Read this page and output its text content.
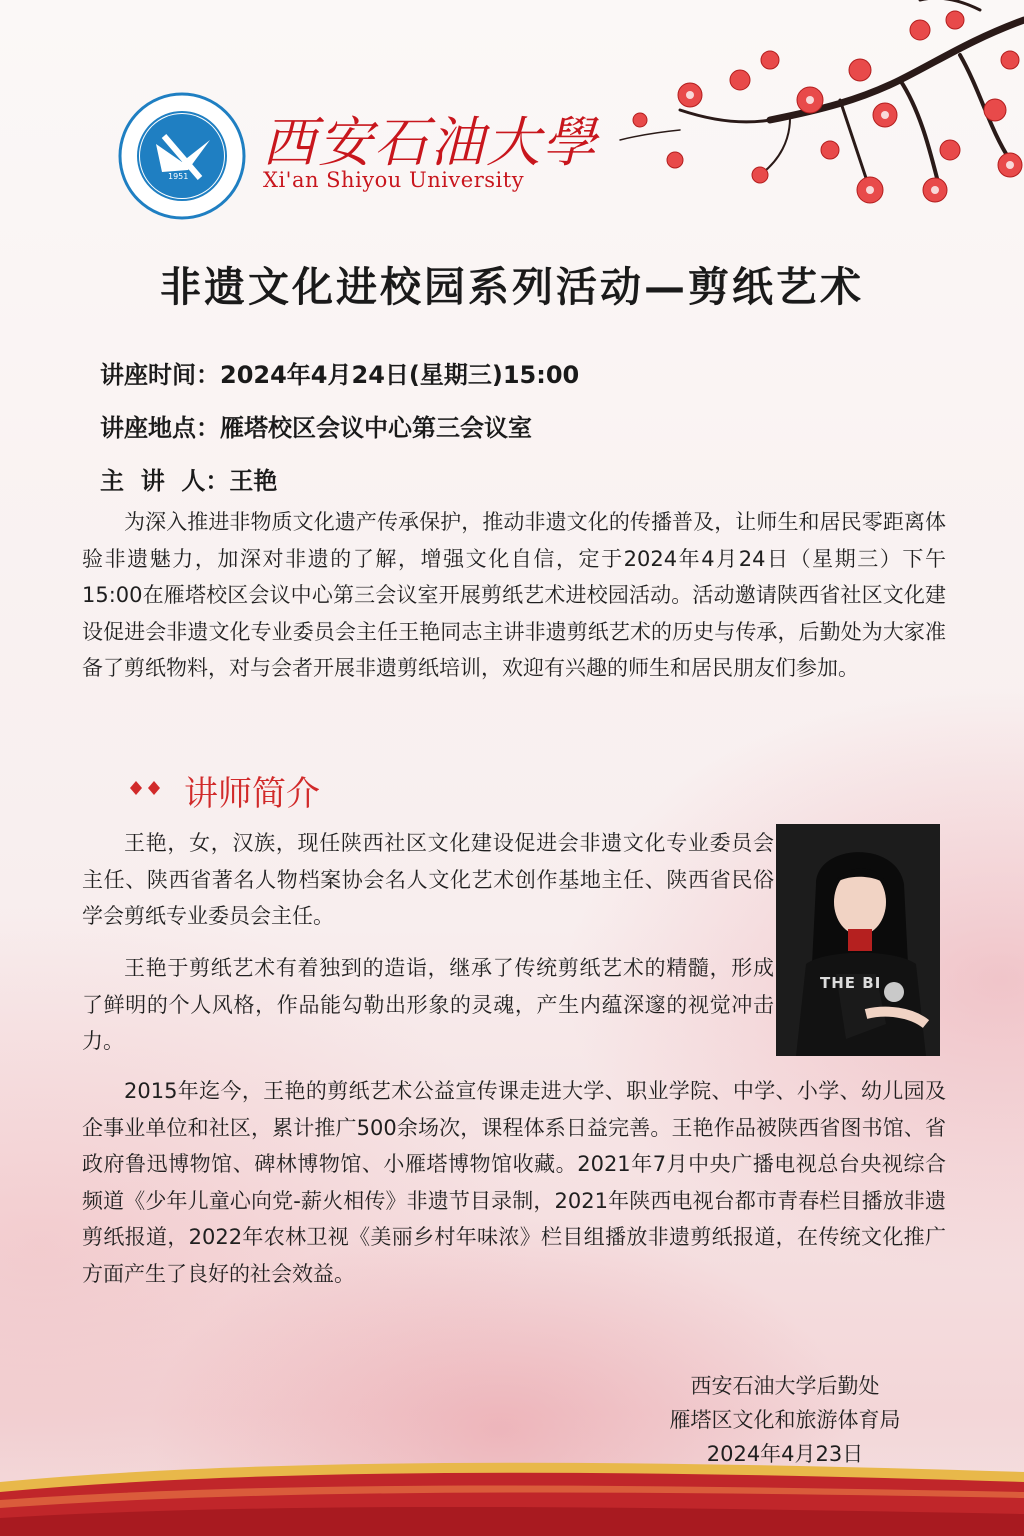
1951
西安石油大學
Xi'an Shiyou University
非遗文化进校园系列活动—剪纸艺术
讲座时间：2024年4月24日(星期三)15:00
讲座地点：雁塔校区会议中心第三会议室
主  讲  人：王艳

为深入推进非物质文化遗产传承保护，推动非遗文化的传播普及，让师生和居民零距离体验非遗魅力，加深对非遗的了解，增强文化自信，定于2024年4月24日（星期三）下午15:00在雁塔校区会议中心第三会议室开展剪纸艺术进校园活动。活动邀请陕西省社区文化建设促进会非遗文化专业委员会主任王艳同志主讲非遗剪纸艺术的历史与传承，后勤处为大家准备了剪纸物料，对与会者开展非遗剪纸培训，欢迎有兴趣的师生和居民朋友们参加。

讲师简介

王艳，女，汉族，现任陕西社区文化建设促进会非遗文化专业委员会主任、陕西省著名人物档案协会名人文化艺术创作基地主任、陕西省民俗学会剪纸专业委员会主任。

王艳于剪纸艺术有着独到的造诣，继承了传统剪纸艺术的精髓，形成了鲜明的个人风格，作品能勾勒出形象的灵魂，产生内蕴深邃的视觉冲击力。

2015年迄今，王艳的剪纸艺术公益宣传课走进大学、职业学院、中学、小学、幼儿园及企事业单位和社区，累计推广500余场次，课程体系日益完善。王艳作品被陕西省图书馆、省政府鲁迅博物馆、碑林博物馆、小雁塔博物馆收藏。2021年7月中央广播电视总台央视综合频道《少年儿童心向党-薪火相传》非遗节目录制，2021年陕西电视台都市青春栏目播放非遗剪纸报道，2022年农林卫视《美丽乡村年味浓》栏目组播放非遗剪纸报道，在传统文化推广方面产生了良好的社会效益。

THE BI
西安石油大学后勤处
雁塔区文化和旅游体育局
2024年4月23日
